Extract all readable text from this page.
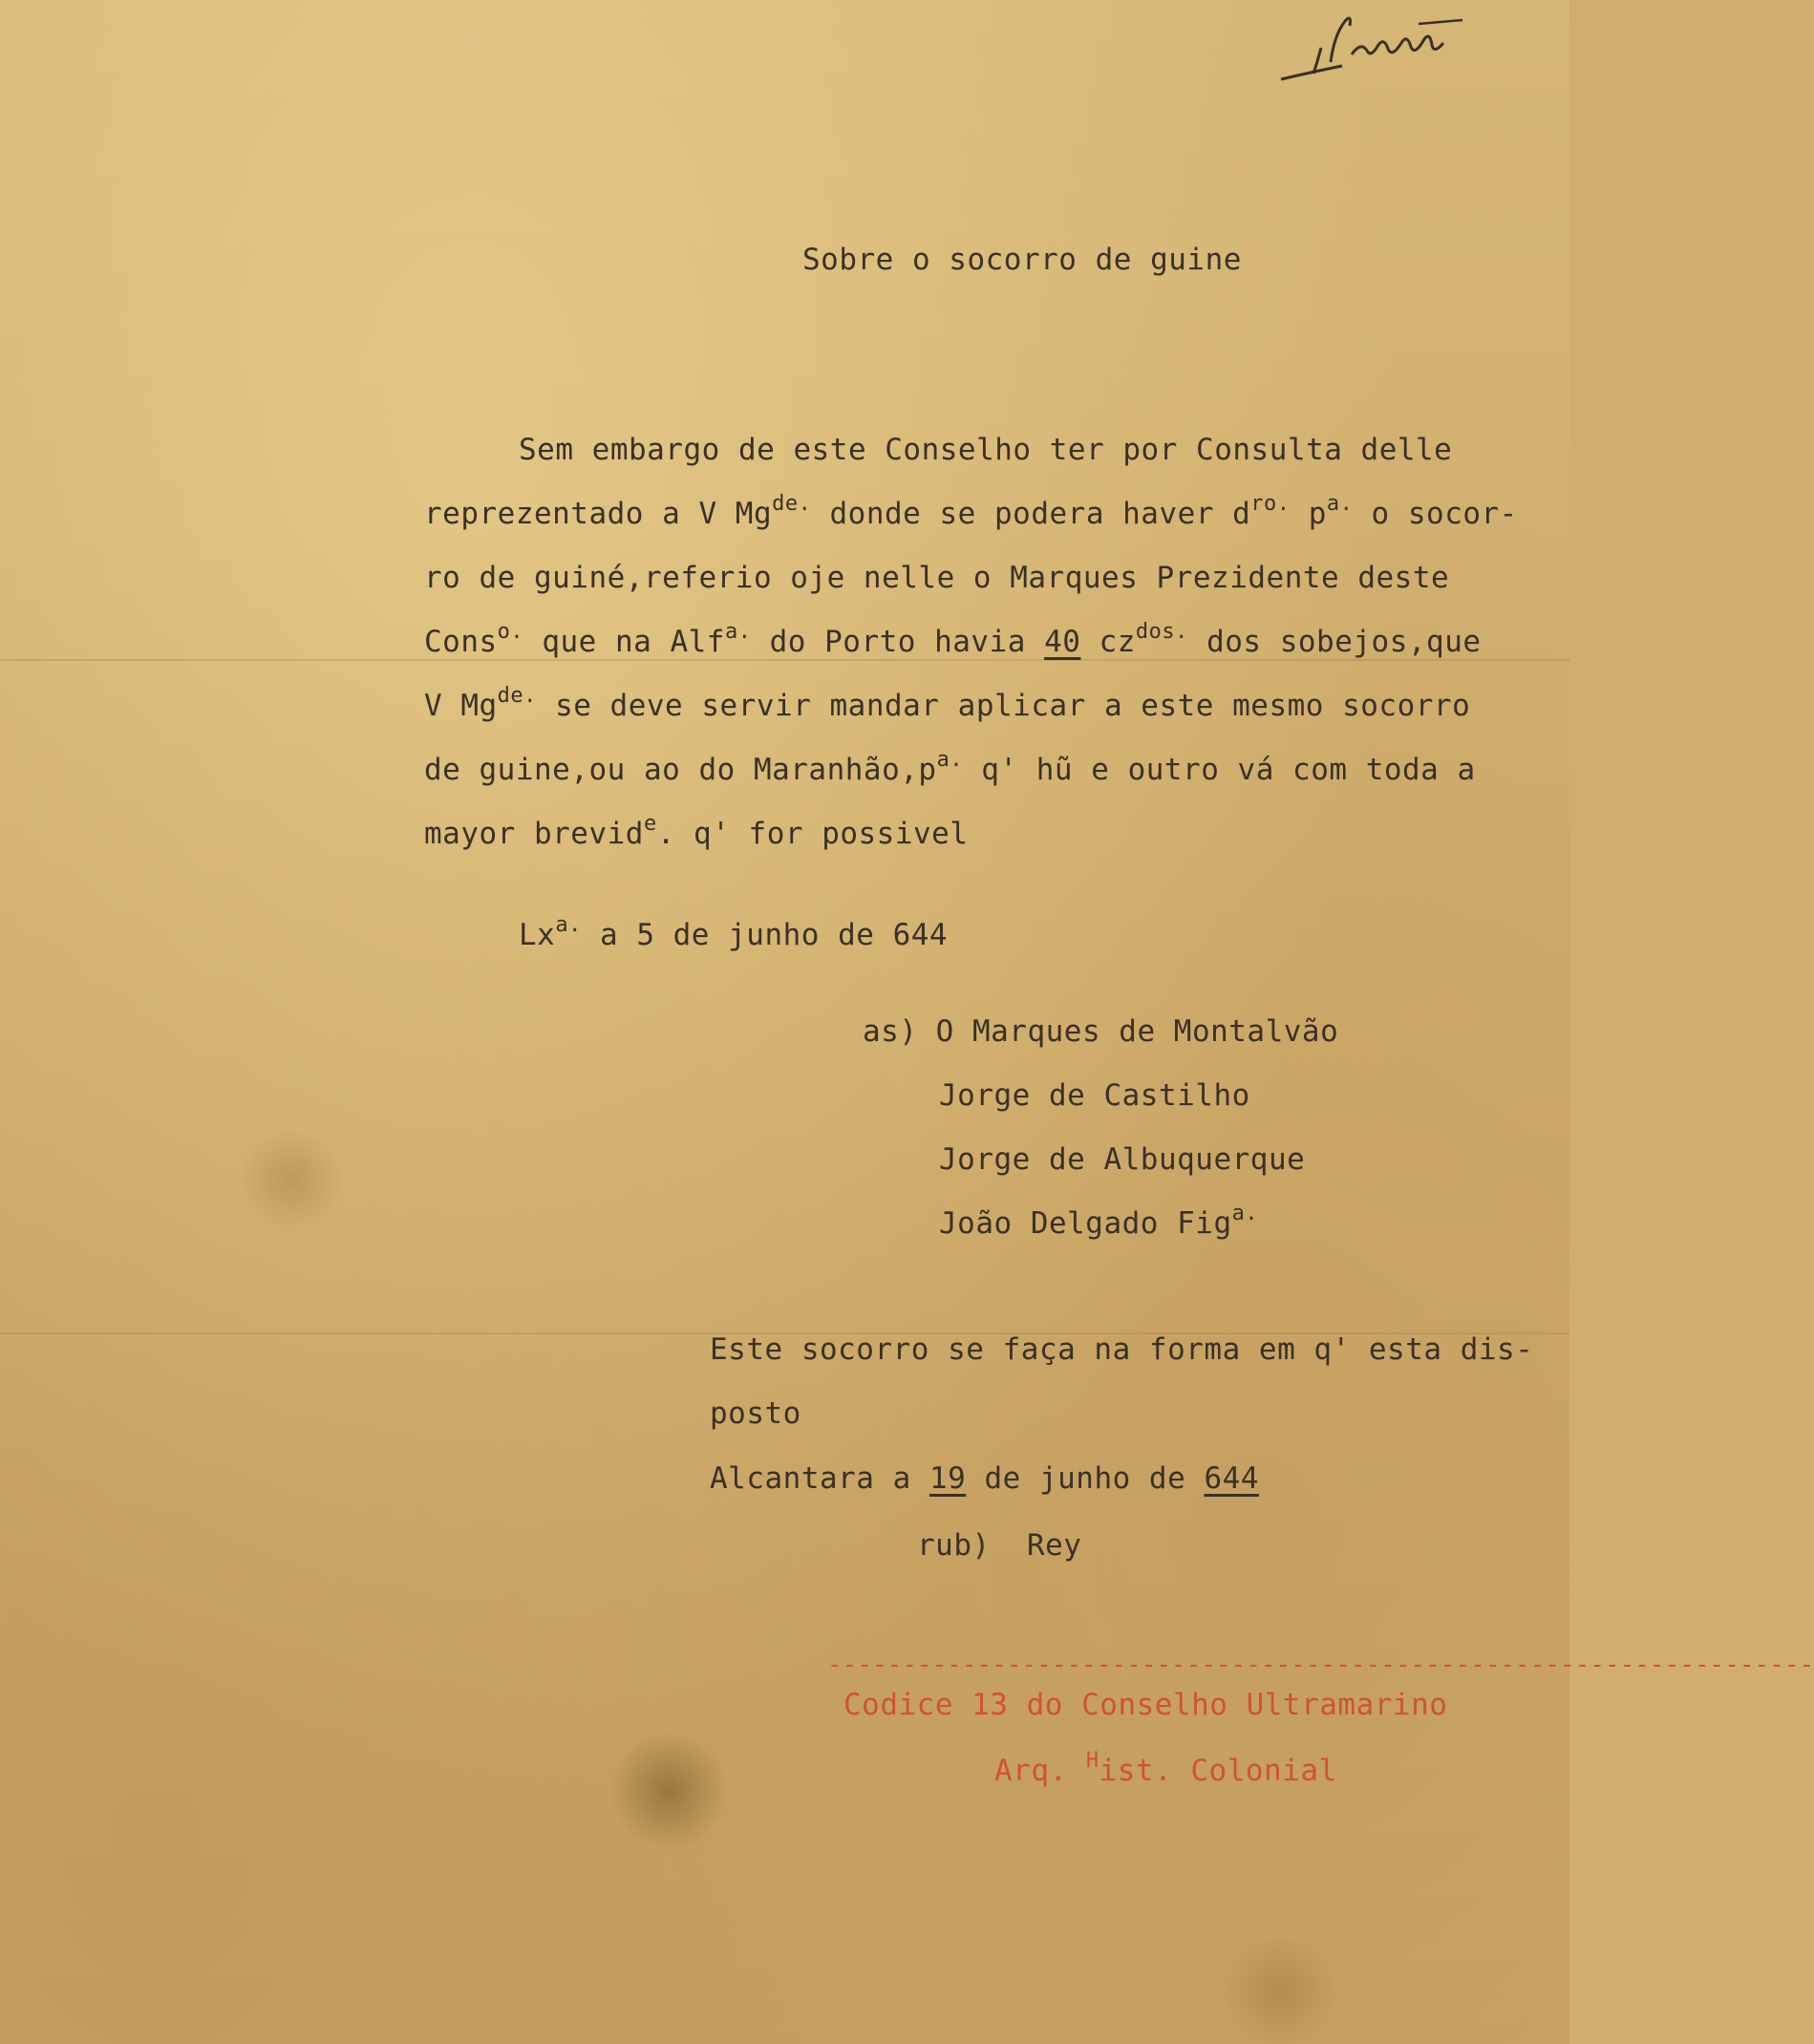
Sobre o socorro de guine
Sem embargo de este Conselho ter por Consulta delle
reprezentado a V $Mg^{de.}$ donde se podera haver $d^{ro.}$ $p^{a.}$ o socor-
ro de guiné,referio oje nelle o Marques Prezidente deste
Cons$^{o.}$ que na Alf$^{a.}$ do Porto havia 40 $cz^{dos.}$ dos sobejos,que
V $Mg^{de.}$ se deve servir mandar aplicar a este mesmo socorro
de guine,ou ao do $Maranhão,p^{a.}$ q' hũ e outro vá com toda a
mayor brevid$^e$. q' for possivel
$Lx^{a.}$ a 5 de junho de 644
as) O Marques de Montalvão
Jorge de Castilho
Jorge de Albuquerque
João Delgado Fig$^{a.}$
Este socorro se faça na forma em q' esta dis-
posto
Alcantara a 19 de junho de 644
rub)  Rey
------------------------------------------------------------------
Codice 13 do Conselho Ultramarino
Arq. $^H$ist. Colonial
